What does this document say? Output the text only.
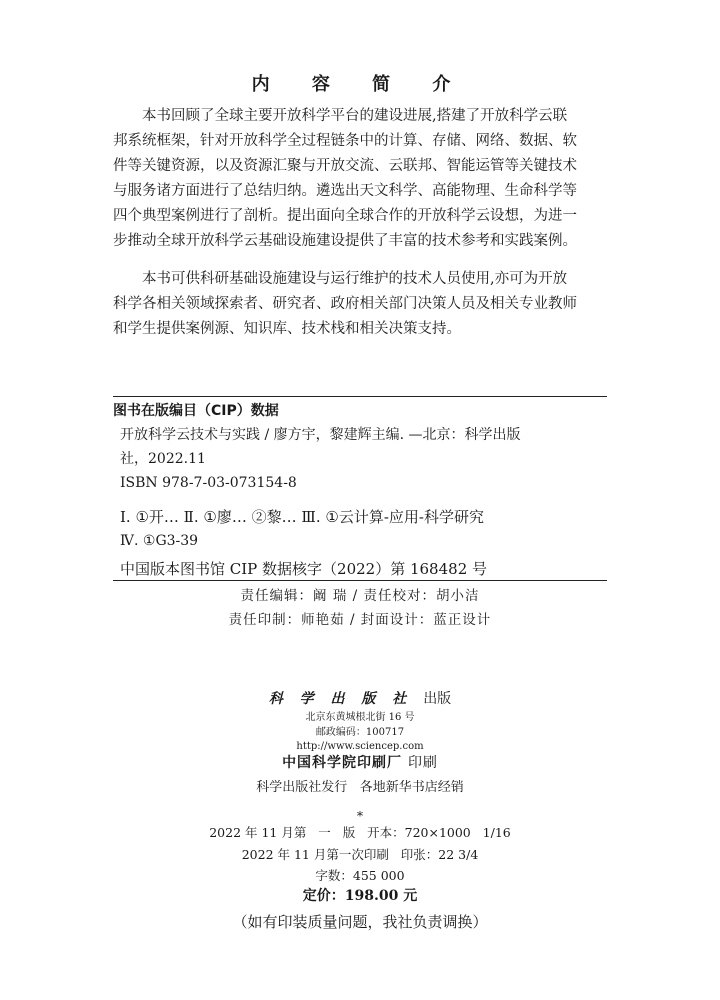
内 容 简 介
本书回顾了全球主要开放科学平台的建设进展,搭建了开放科学云联
邦系统框架，针对开放科学全过程链条中的计算、存储、网络、数据、软
件等关键资源，以及资源汇聚与开放交流、云联邦、智能运管等关键技术
与服务诸方面进行了总结归纳。遴选出天文科学、高能物理、生命科学等
四个典型案例进行了剖析。提出面向全球合作的开放科学云设想，为进一
步推动全球开放科学云基础设施建设提供了丰富的技术参考和实践案例。
本书可供科研基础设施建设与运行维护的技术人员使用,亦可为开放
科学各相关领域探索者、研究者、政府相关部门决策人员及相关专业教师
和学生提供案例源、知识库、技术栈和相关决策支持。
图书在版编目（CIP）数据
开放科学云技术与实践 / 廖方宇，黎建辉主编. —北京：科学出版
社，2022.11
ISBN 978-7-03-073154-8
Ⅰ. ①开… Ⅱ. ①廖… ②黎… Ⅲ. ①云计算-应用-科学研究
Ⅳ. ①G3-39
中国版本图书馆 CIP 数据核字（2022）第 168482 号
责任编辑：阚 瑞 / 责任校对：胡小洁
责任印制：师艳茹 / 封面设计：蓝正设计
科 学 出 版 社 出版
北京东黄城根北街 16 号
邮政编码：100717
http://www.sciencep.com
中国科学院印刷厂 印刷
科学出版社发行   各地新华书店经销
*
2022 年 11 月第   一   版   开本：720×1000   1/16
2022 年 11 月第一次印刷   印张：22 3/4
字数：455 000
定价：198.00 元
（如有印装质量问题，我社负责调换）
